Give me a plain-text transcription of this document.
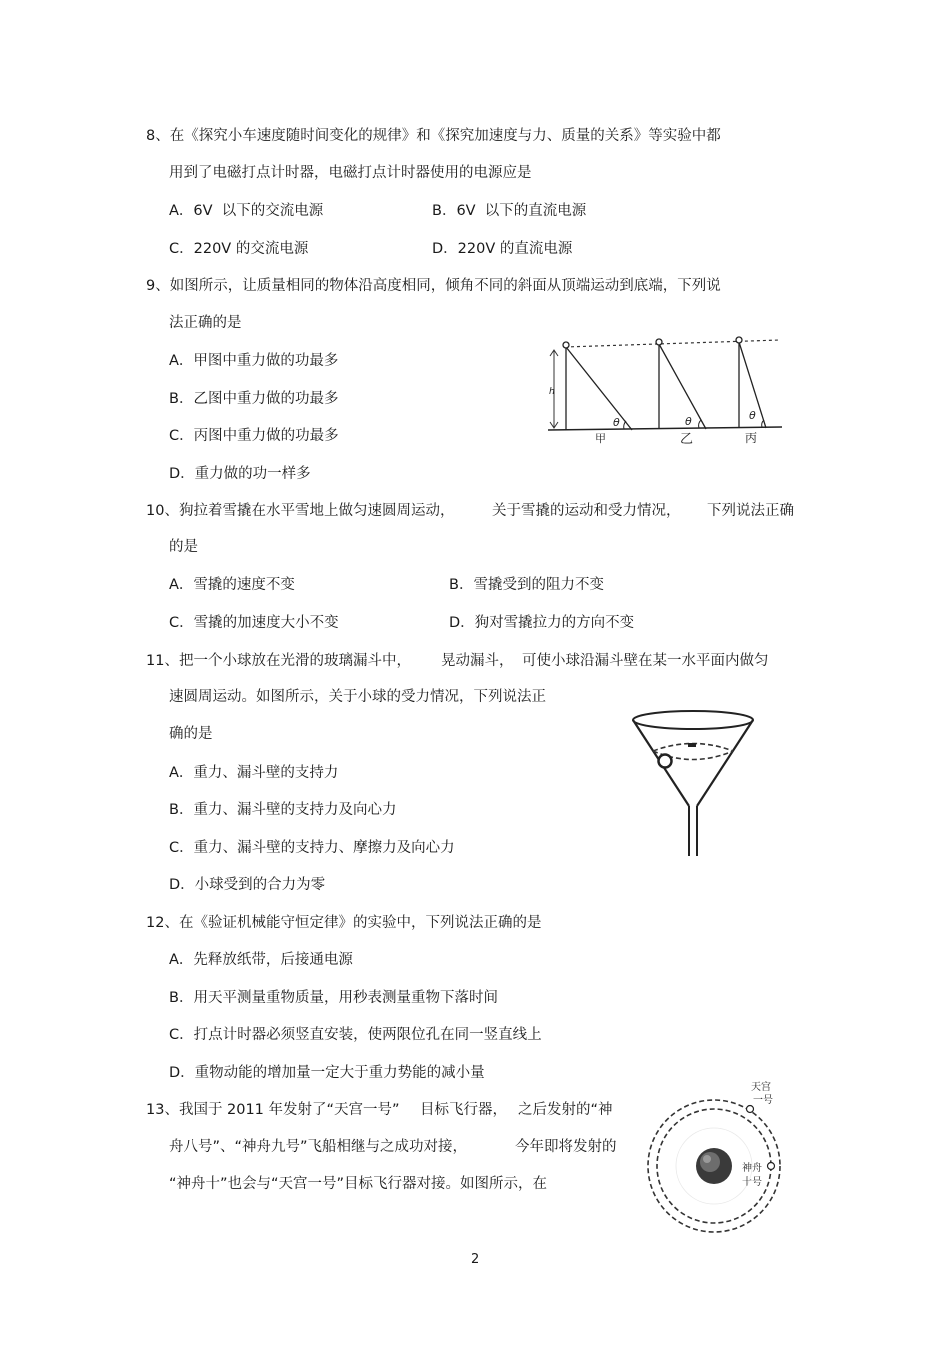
8、在《探究小车速度随时间变化的规律》和《探究加速度与力、质量的关系》等实验中都
用到了电磁打点计时器，电磁打点计时器使用的电源应是
A．6V  以下的交流电源	B．6V  以下的直流电源
C．220V 的交流电源	D．220V 的直流电源
9、如图所示，让质量相同的物体沿高度相同，倾角不同的斜面从顶端运动到底端，下列说
法正确的是
A．甲图中重力做的功最多
B．乙图中重力做的功最多
C．丙图中重力做的功最多
D．重力做的功一样多
h
θ	θ	θ
甲	乙	丙
10、狗拉着雪撬在水平雪地上做匀速圆周运动，	关于雪撬的运动和受力情况， 下列说法正确
的是
A．雪撬的速度不变	B．雪撬受到的阻力不变
C．雪撬的加速度大小不变	D．狗对雪撬拉力的方向不变
11、把一个小球放在光滑的玻璃漏斗中， 晃动漏斗， 可使小球沿漏斗壁在某一水平面内做匀
速圆周运动。如图所示，关于小球的受力情况，下列说法正
确的是
A．重力、漏斗壁的支持力
B．重力、漏斗壁的支持力及向心力
C．重力、漏斗壁的支持力、摩擦力及向心力
D．小球受到的合力为零
12、在《验证机械能守恒定律》的实验中，下列说法正确的是
A．先释放纸带，后接通电源
B．用天平测量重物质量，用秒表测量重物下落时间
C．打点计时器必须竖直安装，使两限位孔在同一竖直线上
D．重物动能的增加量一定大于重力势能的减小量
13、我国于 2011 年发射了“天宫一号” 目标飞行器， 之后发射的“神
舟八号”、“神舟九号”飞船相继与之成功对接，	今年即将发射的
“神舟十”也会与“天宫一号”目标飞行器对接。如图所示，在
天宫
一号
神舟
十号
2
